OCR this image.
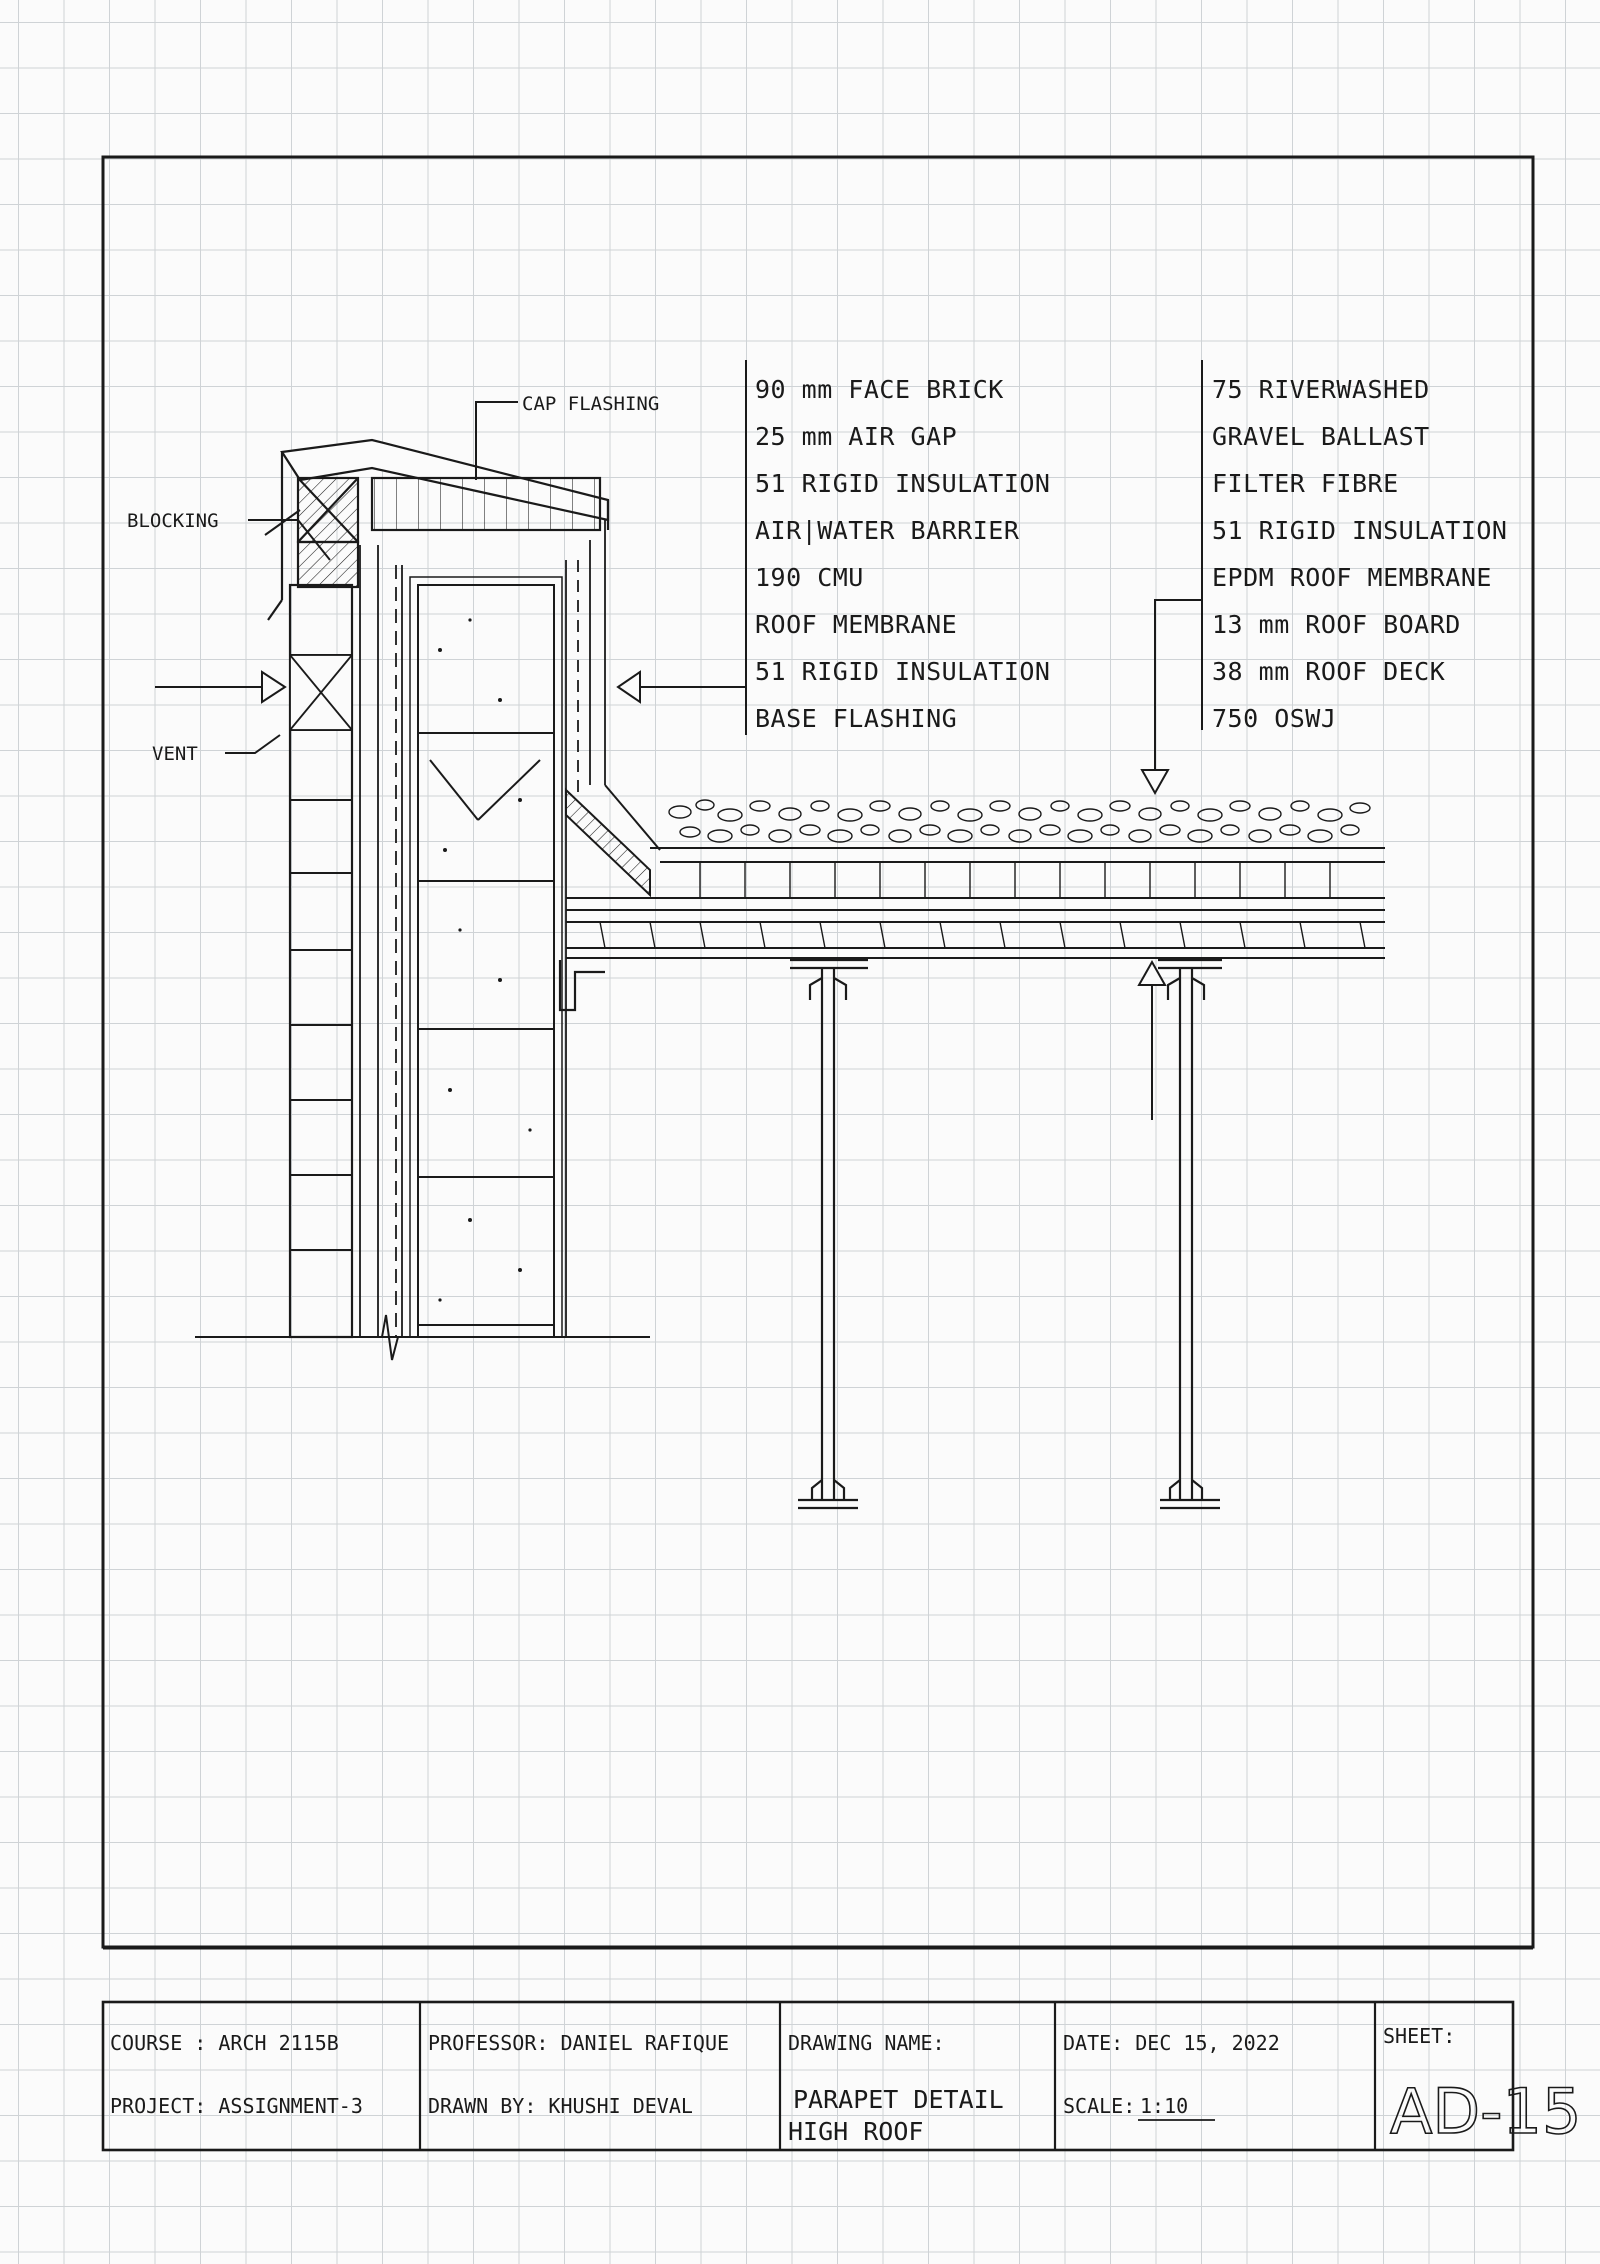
CAP FLASHING
BLOCKING
VENT
90 mm FACE BRICK
25 mm AIR GAP
51 RIGID INSULATION
AIR|WATER BARRIER
190 CMU
ROOF MEMBRANE
51 RIGID INSULATION
BASE FLASHING
75 RIVERWASHED
GRAVEL BALLAST
FILTER FIBRE
51 RIGID INSULATION
EPDM ROOF MEMBRANE
13 mm ROOF BOARD
38 mm ROOF DECK
750 OSWJ
COURSE : ARCH 2115B
PROJECT: ASSIGNMENT-3
PROFESSOR: DANIEL RAFIQUE
DRAWN BY: KHUSHI DEVAL
DRAWING NAME:
PARAPET DETAIL
HIGH ROOF
DATE: DEC 15, 2022
SCALE: 1:10
SHEET:
AD-15
